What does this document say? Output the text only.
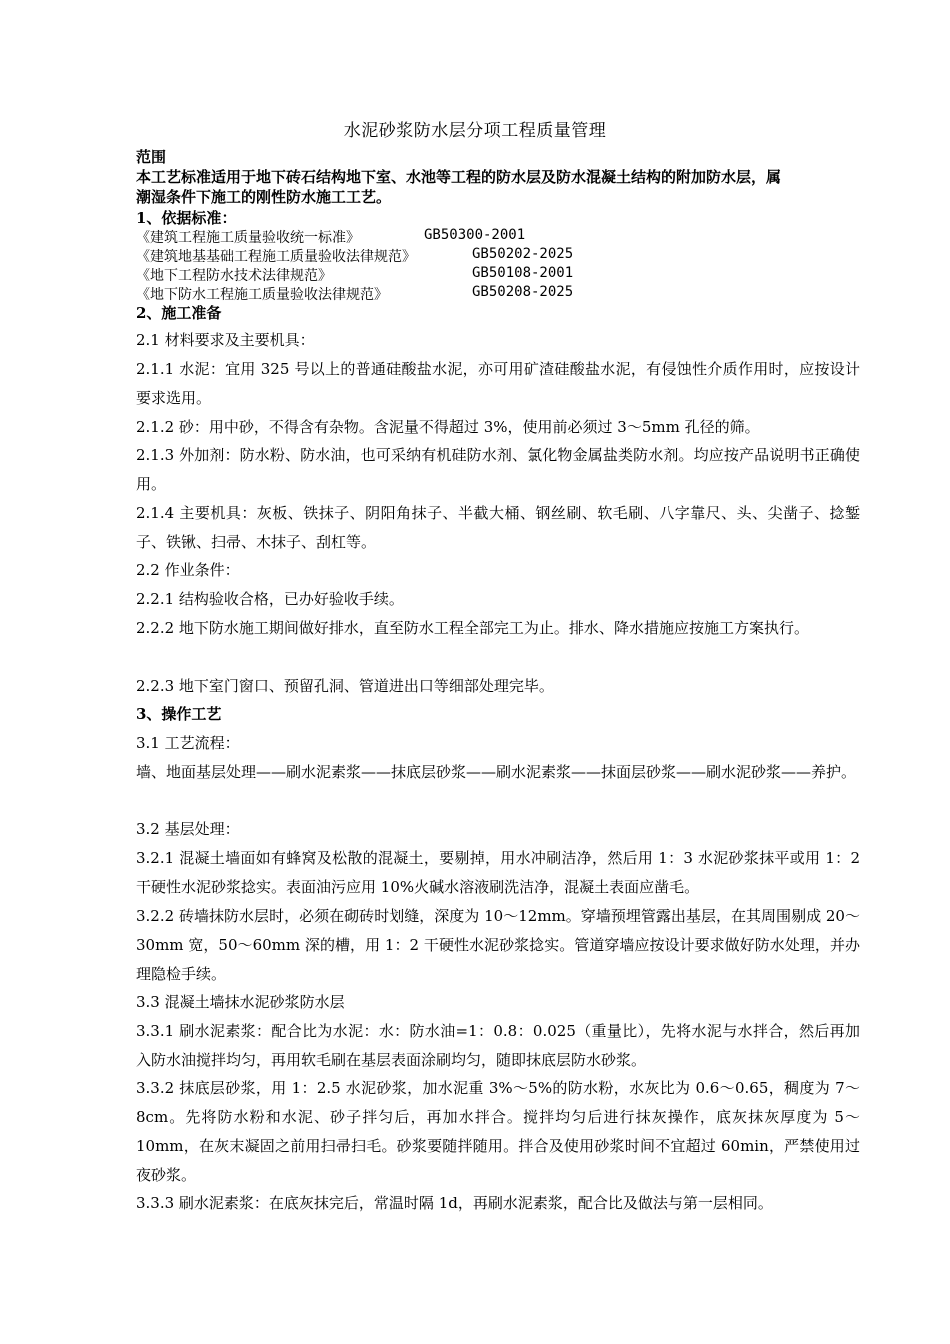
水泥砂浆防水层分项工程质量管理
范围
本工艺标准适用于地下砖石结构地下室、水池等工程的防水层及防水混凝土结构的附加防水层，属
潮湿条件下施工的刚性防水施工工艺。
1、依据标准：
《建筑工程施工质量验收统一标准》	GB50300-2001
《建筑地基基础工程施工质量验收法律规范》	GB50202-2025
《地下工程防水技术法律规范》	GB50108-2001
《地下防水工程施工质量验收法律规范》	GB50208-2025
2、施工准备
2.1 材料要求及主要机具：
2.1.1 水泥：宜用 325 号以上的普通硅酸盐水泥，亦可用矿渣硅酸盐水泥，有侵蚀性介质作用时，应按设计要求选用。
2.1.2 砂：用中砂，不得含有杂物。含泥量不得超过 3%，使用前必须过 3～5mm 孔径的筛。
2.1.3 外加剂：防水粉、防水油，也可采纳有机硅防水剂、氯化物金属盐类防水剂。均应按产品说明书正确使用。
2.1.4 主要机具：灰板、铁抹子、阴阳角抹子、半截大桶、钢丝刷、软毛刷、八字靠尺、头、尖凿子、捻錾子、铁锹、扫帚、木抹子、刮杠等。
2.2 作业条件：
2.2.1 结构验收合格，已办好验收手续。
2.2.2 地下防水施工期间做好排水，直至防水工程全部完工为止。排水、降水措施应按施工方案执行。
2.2.3 地下室门窗口、预留孔洞、管道进出口等细部处理完毕。
3、操作工艺
3.1 工艺流程：
墙、地面基层处理——刷水泥素浆——抹底层砂浆——刷水泥素浆——抹面层砂浆——刷水泥砂浆——养护。
3.2 基层处理：
3.2.1 混凝土墙面如有蜂窝及松散的混凝土，要剔掉，用水冲刷洁净，然后用 1：3 水泥砂浆抹平或用 1：2 干硬性水泥砂浆捻实。表面油污应用 10%火碱水溶液刷洗洁净，混凝土表面应凿毛。
3.2.2 砖墙抹防水层时，必须在砌砖时划缝，深度为 10～12mm。穿墙预埋管露出基层，在其周围剔成 20～30mm 宽，50～60mm 深的槽，用 1：2 干硬性水泥砂浆捻实。管道穿墙应按设计要求做好防水处理，并办理隐检手续。
3.3 混凝土墙抹水泥砂浆防水层
3.3.1 刷水泥素浆：配合比为水泥：水：防水油=1：0.8：0.025（重量比），先将水泥与水拌合，然后再加入防水油搅拌均匀，再用软毛刷在基层表面涂刷均匀，随即抹底层防水砂浆。
3.3.2 抹底层砂浆，用 1：2.5 水泥砂浆，加水泥重 3%～5%的防水粉，水灰比为 0.6～0.65，稠度为 7～8cm。先将防水粉和水泥、砂子拌匀后，再加水拌合。搅拌均匀后进行抹灰操作，底灰抹灰厚度为 5～10mm，在灰末凝固之前用扫帚扫毛。砂浆要随拌随用。拌合及使用砂浆时间不宜超过 60min，严禁使用过夜砂浆。
3.3.3 刷水泥素浆：在底灰抹完后，常温时隔 1d，再刷水泥素浆，配合比及做法与第一层相同。
